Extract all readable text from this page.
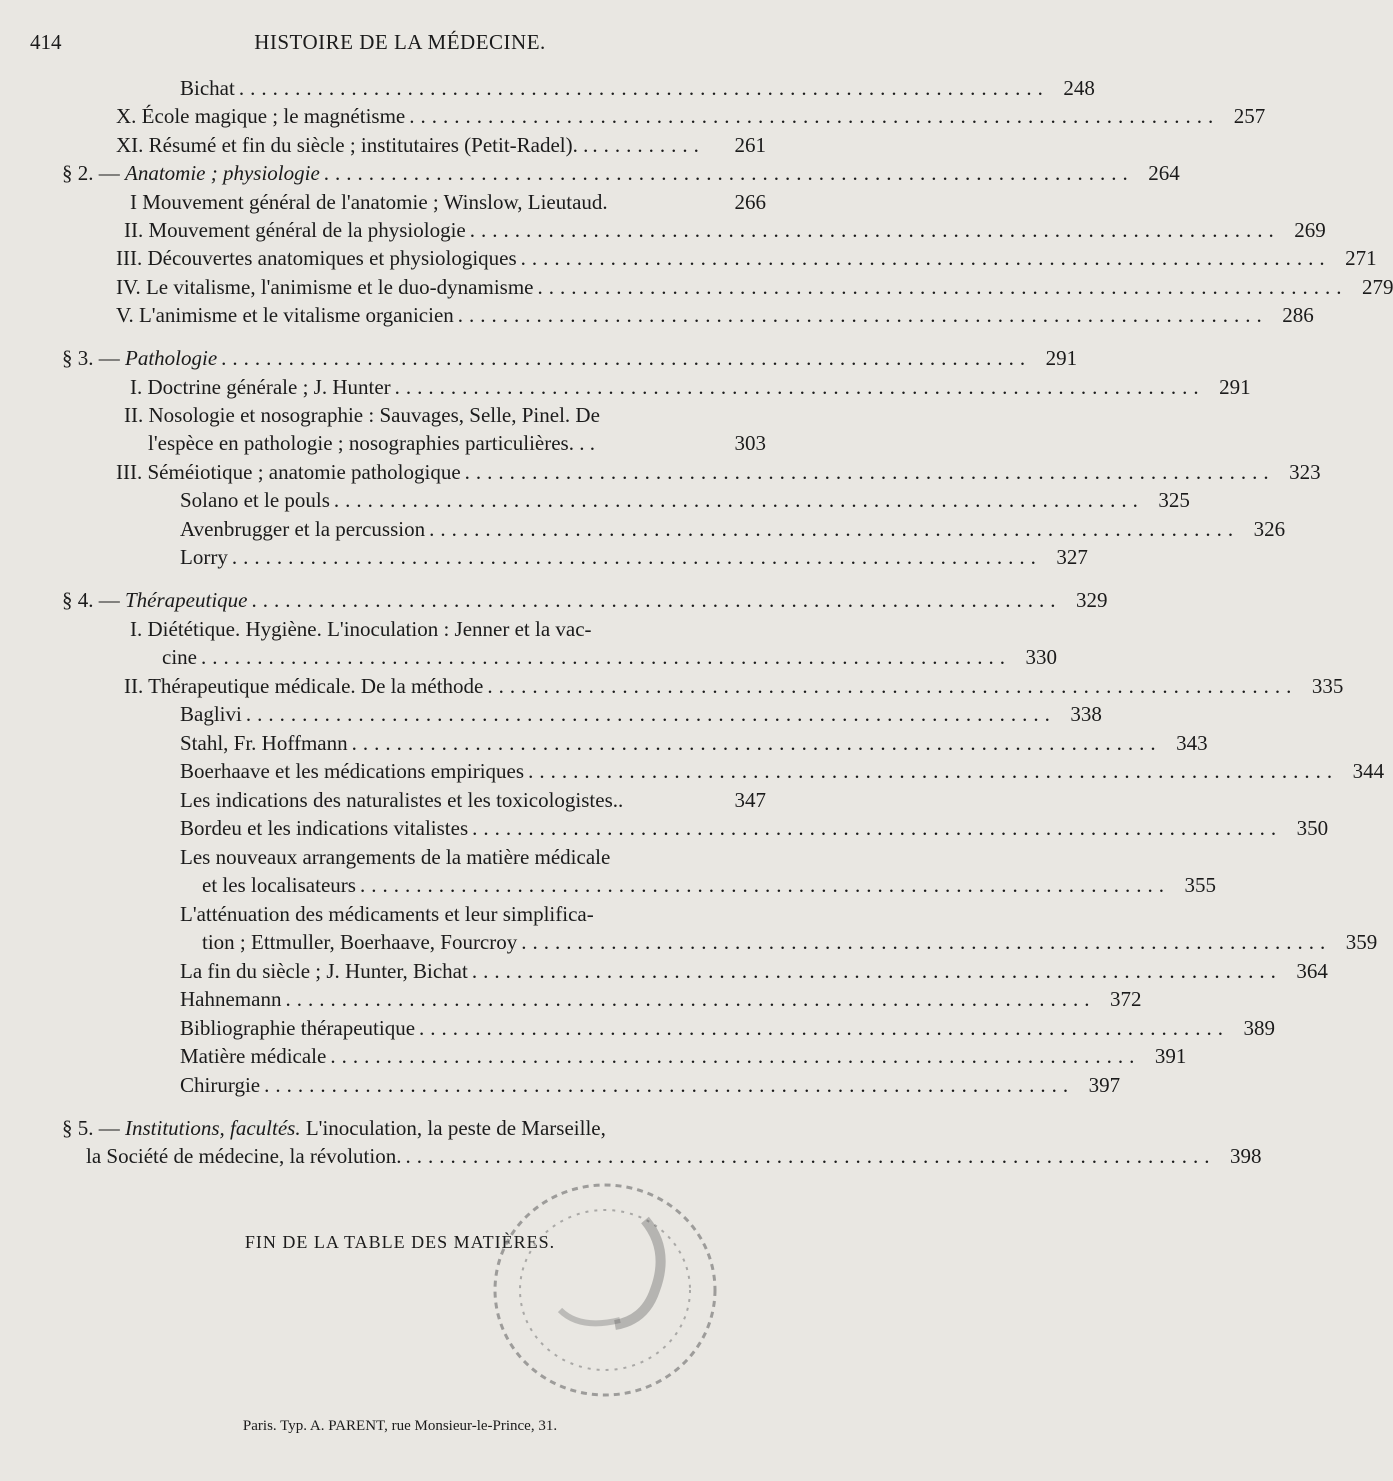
414	HISTOIRE DE LA MÉDECINE.
Bichat ........................................................................ 248
X. École magique ; le magnétisme ........................................................................ 257
XI. Résumé et fin du siècle ; institutaires (Petit-Radel). . ..........	261
§ 2. — Anatomie ; physiologie ........................................................................ 264
I Mouvement général de l'anatomie ; Winslow, Lieutaud.	266
II. Mouvement général de la physiologie ........................................................................ 269
III. Découvertes anatomiques et physiologiques ........................................................................ 271
IV. Le vitalisme, l'animisme et le duo-dynamisme ........................................................................ 279
V. L'animisme et le vitalisme organicien ........................................................................ 286
§ 3. — Pathologie ........................................................................ 291
I. Doctrine générale ; J. Hunter ........................................................................ 291
II. Nosologie et nosographie : Sauvages, Selle, Pinel. De
l'espèce en pathologie ; nosographies particulières. . .	303
III. Séméiotique ; anatomie pathologique ........................................................................ 323
Solano et le pouls ........................................................................ 325
Avenbrugger et la percussion ........................................................................ 326
Lorry ........................................................................ 327
§ 4. — Thérapeutique ........................................................................ 329
I. Diététique. Hygiène. L'inoculation : Jenner et la vac-
cine ........................................................................ 330
II. Thérapeutique médicale. De la méthode ........................................................................ 335
Baglivi ........................................................................ 338
Stahl, Fr. Hoffmann ........................................................................ 343
Boerhaave et les médications empiriques ........................................................................ 344
Les indications des naturalistes et les toxicologistes..	347
Bordeu et les indications vitalistes ........................................................................ 350
Les nouveaux arrangements de la matière médicale
et les localisateurs ........................................................................ 355
L'atténuation des médicaments et leur simplifica-
tion ; Ettmuller, Boerhaave, Fourcroy ........................................................................ 359
La fin du siècle ; J. Hunter, Bichat ........................................................................ 364
Hahnemann ........................................................................ 372
Bibliographie thérapeutique ........................................................................ 389
Matière médicale ........................................................................ 391
Chirurgie ........................................................................ 397
§ 5. — Institutions, facultés. L'inoculation, la peste de Marseille,
la Société de médecine, la révolution. ........................................................................ 398
FIN DE LA TABLE DES MATIÈRES.
Paris. Typ. A. PARENT, rue Monsieur-le-Prince, 31.
